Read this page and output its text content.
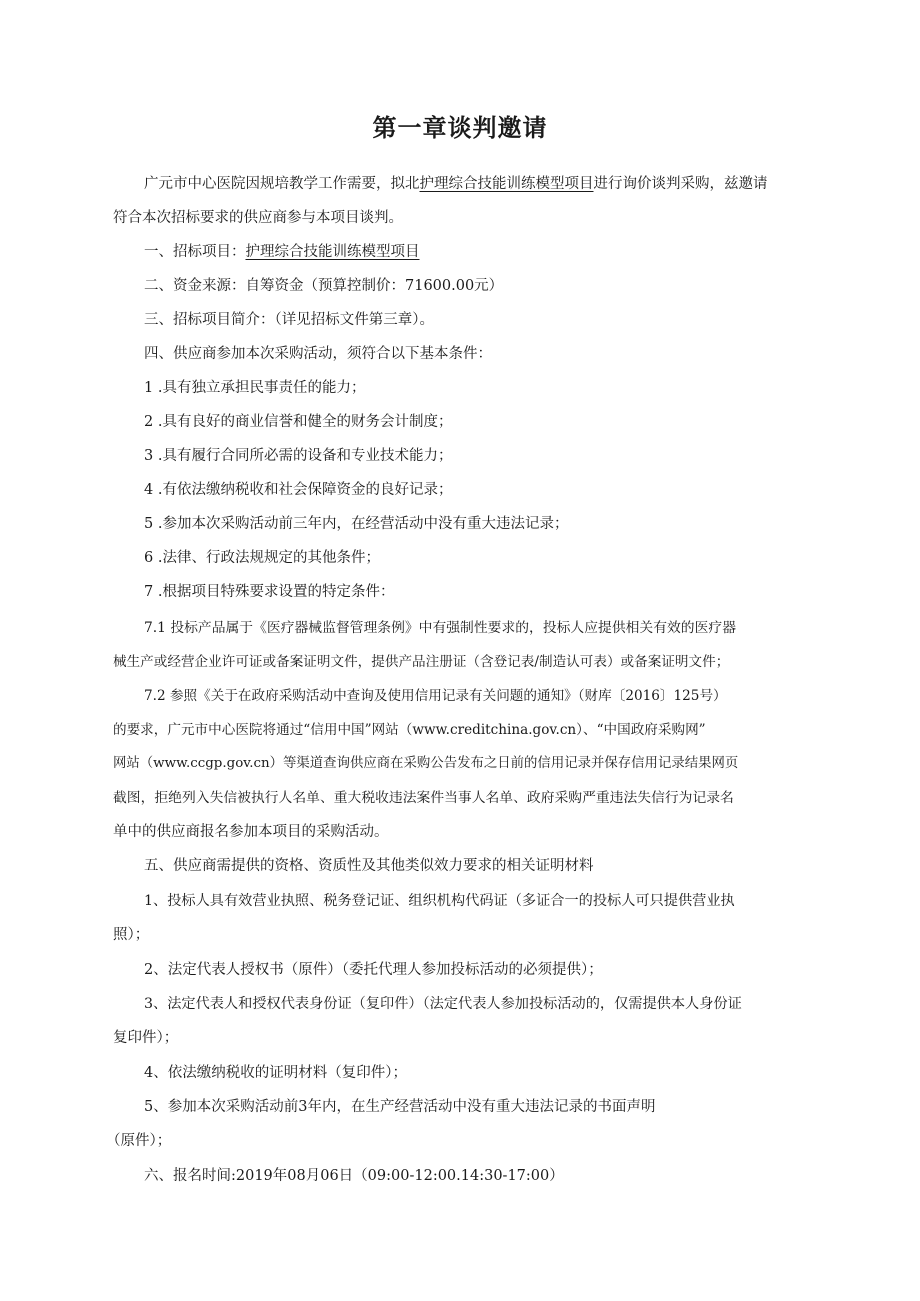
第一章谈判邀请

广元市中心医院因规培教学工作需要，拟北护理综合技能训练模型项目进行询价谈判采购，兹邀请

符合本次招标要求的供应商参与本项目谈判。

一、招标项目：护理综合技能训练模型项目

二、资金来源：自筹资金（预算控制价：71600.00元）

三、招标项目简介：（详见招标文件第三章）。

四、供应商参加本次采购活动，须符合以下基本条件：

1 .具有独立承担民事责任的能力；

2 .具有良好的商业信誉和健全的财务会计制度；

3 .具有履行合同所必需的设备和专业技术能力；

4 .有依法缴纳税收和社会保障资金的良好记录；

5 .参加本次采购活动前三年内，在经营活动中没有重大违法记录；

6 .法律、行政法规规定的其他条件；

7 .根据项目特殊要求设置的特定条件：

7.1 投标产品属于《医疗器械监督管理条例》中有强制性要求的，投标人应提供相关有效的医疗器

械生产或经营企业许可证或备案证明文件，提供产品注册证（含登记表/制造认可表）或备案证明文件；

7.2 参照《关于在政府采购活动中查询及使用信用记录有关问题的通知》（财库〔2016〕125号）

的要求，广元市中心医院将通过“信用中国”网站（www.creditchina.gov.cn）、“中国政府采购网”

网站（www.ccgp.gov.cn）等渠道查询供应商在采购公告发布之日前的信用记录并保存信用记录结果网页

截图，拒绝列入失信被执行人名单、重大税收违法案件当事人名单、政府采购严重违法失信行为记录名

单中的供应商报名参加本项目的采购活动。

五、供应商需提供的资格、资质性及其他类似效力要求的相关证明材料

1、投标人具有效营业执照、税务登记证、组织机构代码证（多证合一的投标人可只提供营业执

照）；

2、法定代表人授权书（原件）（委托代理人参加投标活动的必须提供）；

3、法定代表人和授权代表身份证（复印件）（法定代表人参加投标活动的，仅需提供本人身份证

复印件）；

4、依法缴纳税收的证明材料（复印件）；

5、参加本次采购活动前3年内，在生产经营活动中没有重大违法记录的书面声明

（原件）；

六、报名时间:2019年08月06日（09:00-12:00.14:30-17:00）
